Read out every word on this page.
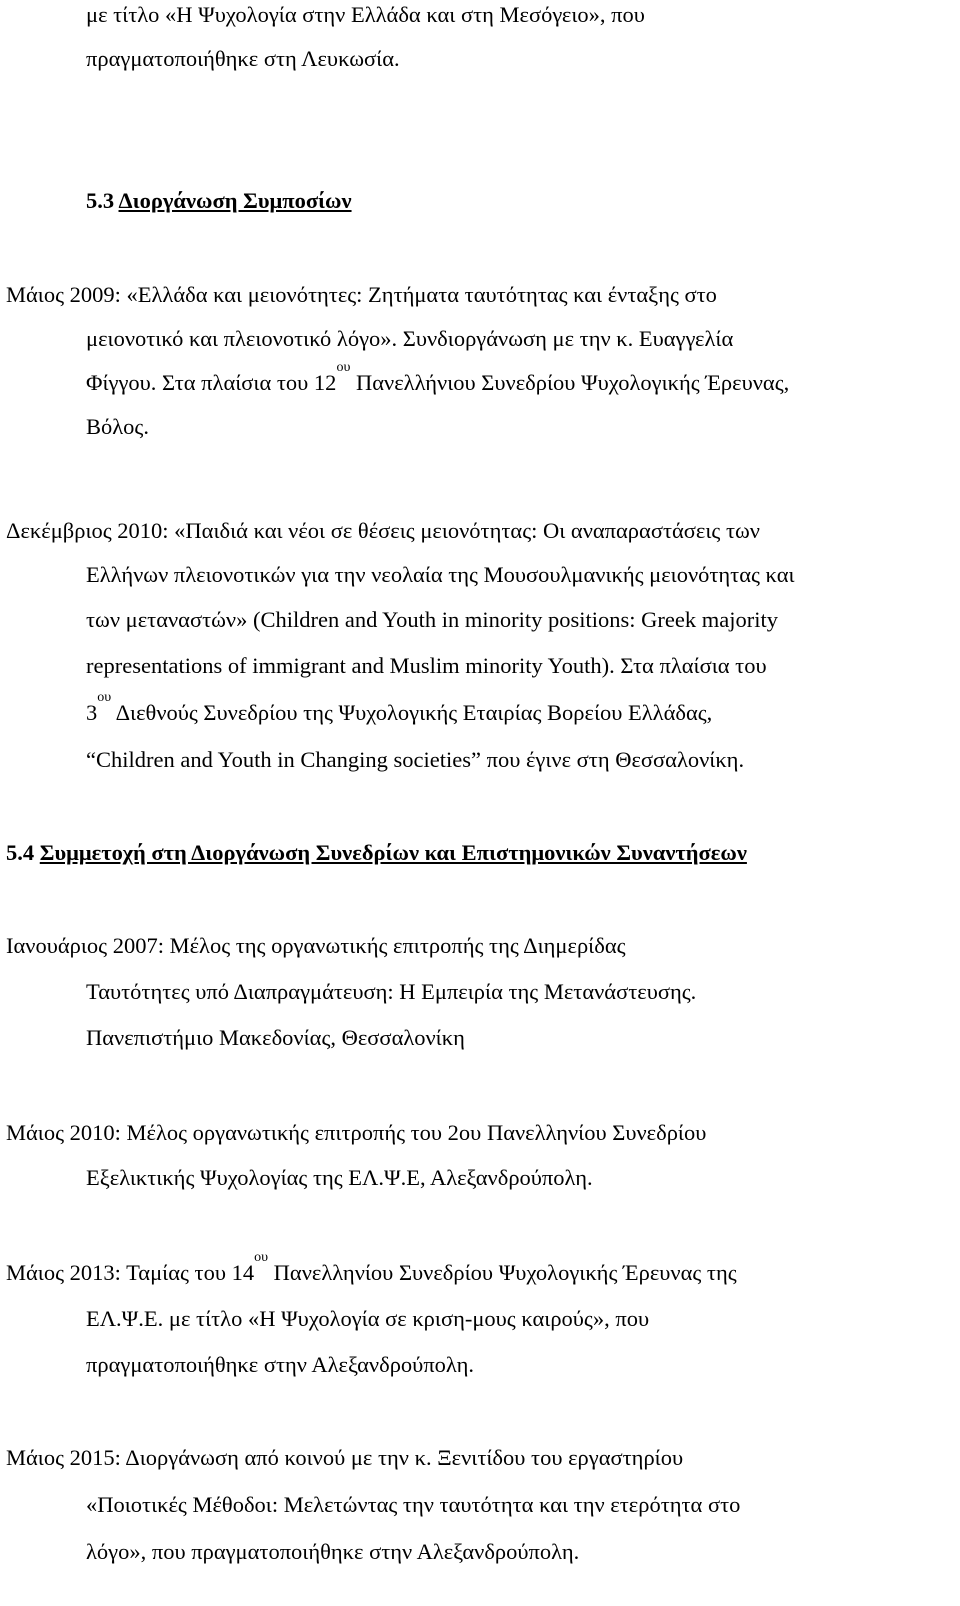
με τίτλο «Η Ψυχολογία στην Ελλάδα και στη Μεσόγειο», που

πραγματοποιήθηκε στη Λευκωσία.

5.3 Διοργάνωση Συμποσίων

Μάιος 2009: «Ελλάδα και μειονότητες: Ζητήματα ταυτότητας και ένταξης στο

μειονοτικό και πλειονοτικό λόγο». Συνδιοργάνωση με την κ. Ευαγγελία

Φίγγου. Στα πλαίσια του $12^{o\upsilon}$ Πανελλήνιου Συνεδρίου Ψυχολογικής Έρευνας,

Βόλος.

Δεκέμβριος 2010: «Παιδιά και νέοι σε θέσεις μειονότητας: Οι αναπαραστάσεις των

Ελλήνων πλειονοτικών για την νεολαία της Μουσουλμανικής μειονότητας και

των μεταναστών» (Children and Youth in minority positions: Greek majority

representations of immigrant and Muslim minority Youth). Στα πλαίσια του

$3^{o\upsilon}$ Διεθνούς Συνεδρίου της Ψυχολογικής Εταιρίας Βορείου Ελλάδας,

“Children and Youth in Changing societies” που έγινε στη Θεσσαλονίκη.

5.4 Συμμετοχή στη Διοργάνωση Συνεδρίων και Επιστημονικών Συναντήσεων

Ιανουάριος 2007: Μέλος της οργανωτικής επιτροπής της Διημερίδας

Ταυτότητες υπό Διαπραγμάτευση: Η Εμπειρία της Μετανάστευσης.

Πανεπιστήμιο Μακεδονίας, Θεσσαλονίκη

Μάιος 2010: Μέλος οργανωτικής επιτροπής του 2ου Πανελληνίου Συνεδρίου

Εξελικτικής Ψυχολογίας της ΕΛ.Ψ.Ε, Αλεξανδρούπολη.

Μάιος 2013: Ταμίας του $14^{o\upsilon}$ Πανελληνίου Συνεδρίου Ψυχολογικής Έρευνας της

ΕΛ.Ψ.Ε. με τίτλο «Η Ψυχολογία σε κριση-μους καιρούς», που

πραγματοποιήθηκε στην Αλεξανδρούπολη.

Μάιος 2015: Διοργάνωση από κοινού με την κ. Ξενιτίδου του εργαστηρίου

«Ποιοτικές Μέθοδοι: Μελετώντας την ταυτότητα και την ετερότητα στο

λόγο», που πραγματοποιήθηκε στην Αλεξανδρούπολη.
